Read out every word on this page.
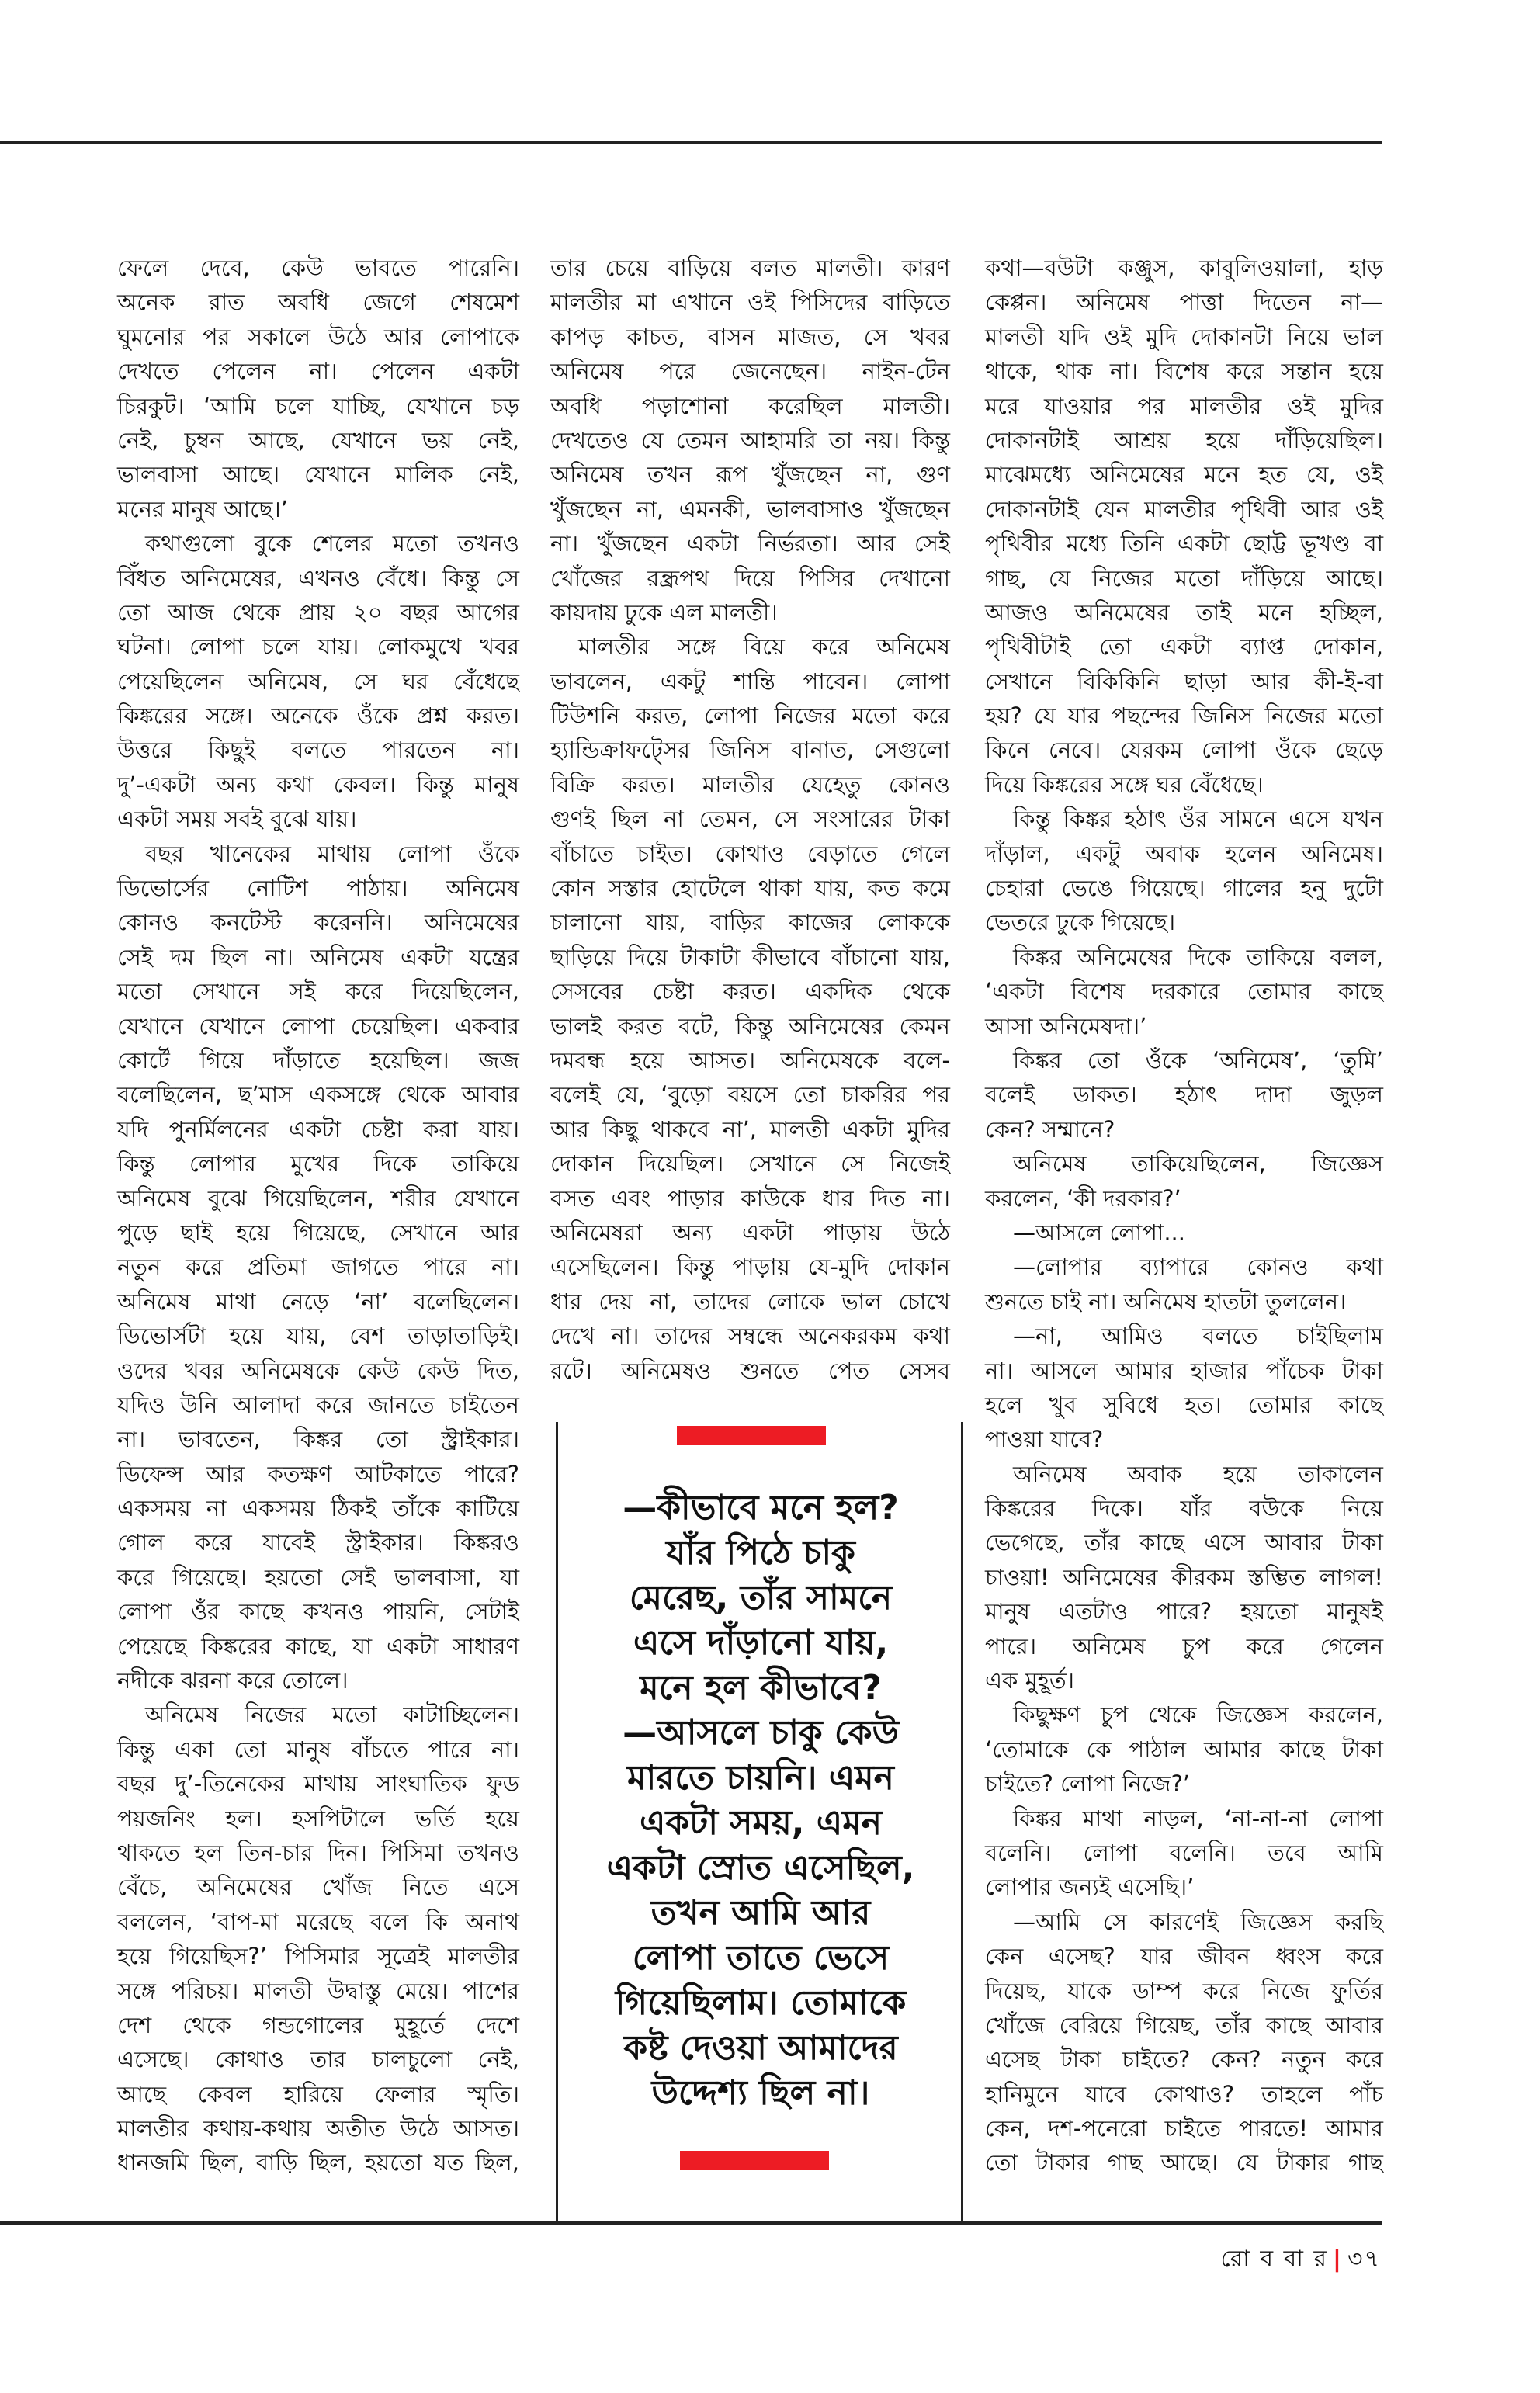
ফেলে দেবে, কেউ ভাবতে পারেনি।
অনেক রাত অবধি জেগে শেষমেশ
ঘুমনোর পর সকালে উঠে আর লোপাকে
দেখতে পেলেন না। পেলেন একটা
চিরকুট। ‘আমি চলে যাচ্ছি, যেখানে চড়
নেই, চুম্বন আছে, যেখানে ভয় নেই,
ভালবাসা আছে। যেখানে মালিক নেই,
মনের মানুষ আছে।’
কথাগুলো বুকে শেলের মতো তখনও
বিঁধত অনিমেষের, এখনও বেঁধে। কিন্তু সে
তো আজ থেকে প্রায় ২০ বছর আগের
ঘটনা। লোপা চলে যায়। লোকমুখে খবর
পেয়েছিলেন অনিমেষ, সে ঘর বেঁধেছে
কিঙ্করের সঙ্গে। অনেকে ওঁকে প্রশ্ন করত।
উত্তরে কিছুই বলতে পারতেন না।
দু’-একটা অন্য কথা কেবল। কিন্তু মানুষ
একটা সময় সবই বুঝে যায়।
বছর খানেকের মাথায় লোপা ওঁকে
ডিভোর্সের নোটিশ পাঠায়। অনিমেষ
কোনও কনটেস্ট করেননি। অনিমেষের
সেই দম ছিল না। অনিমেষ একটা যন্ত্রের
মতো সেখানে সই করে দিয়েছিলেন,
যেখানে যেখানে লোপা চেয়েছিল। একবার
কোর্টে গিয়ে দাঁড়াতে হয়েছিল। জজ
বলেছিলেন, ছ’মাস একসঙ্গে থেকে আবার
যদি পুনর্মিলনের একটা চেষ্টা করা যায়।
কিন্তু লোপার মুখের দিকে তাকিয়ে
অনিমেষ বুঝে গিয়েছিলেন, শরীর যেখানে
পুড়ে ছাই হয়ে গিয়েছে, সেখানে আর
নতুন করে প্রতিমা জাগতে পারে না।
অনিমেষ মাথা নেড়ে ‘না’ বলেছিলেন।
ডিভোর্সটা হয়ে যায়, বেশ তাড়াতাড়িই।
ওদের খবর অনিমেষকে কেউ কেউ দিত,
যদিও উনি আলাদা করে জানতে চাইতেন
না। ভাবতেন, কিঙ্কর তো স্ট্রাইকার।
ডিফেন্স আর কতক্ষণ আটকাতে পারে?
একসময় না একসময় ঠিকই তাঁকে কাটিয়ে
গোল করে যাবেই স্ট্রাইকার। কিঙ্করও
করে গিয়েছে। হয়তো সেই ভালবাসা, যা
লোপা ওঁর কাছে কখনও পায়নি, সেটাই
পেয়েছে কিঙ্করের কাছে, যা একটা সাধারণ
নদীকে ঝরনা করে তোলে।
অনিমেষ নিজের মতো কাটাচ্ছিলেন।
কিন্তু একা তো মানুষ বাঁচতে পারে না।
বছর দু’-তিনেকের মাথায় সাংঘাতিক ফুড
পয়জনিং হল। হসপিটালে ভর্তি হয়ে
থাকতে হল তিন-চার দিন। পিসিমা তখনও
বেঁচে, অনিমেষের খোঁজ নিতে এসে
বললেন, ‘বাপ-মা মরেছে বলে কি অনাথ
হয়ে গিয়েছিস?’ পিসিমার সূত্রেই মালতীর
সঙ্গে পরিচয়। মালতী উদ্বাস্তু মেয়ে। পাশের
দেশ থেকে গন্ডগোলের মুহূর্তে দেশে
এসেছে। কোথাও তার চালচুলো নেই,
আছে কেবল হারিয়ে ফেলার স্মৃতি।
মালতীর কথায়-কথায় অতীত উঠে আসত।
ধানজমি ছিল, বাড়ি ছিল, হয়তো যত ছিল,
তার চেয়ে বাড়িয়ে বলত মালতী। কারণ
মালতীর মা এখানে ওই পিসিদের বাড়িতে
কাপড় কাচত, বাসন মাজত, সে খবর
অনিমেষ পরে জেনেছেন। নাইন-টেন
অবধি পড়াশোনা করেছিল মালতী।
দেখতেও যে তেমন আহামরি তা নয়। কিন্তু
অনিমেষ তখন রূপ খুঁজছেন না, গুণ
খুঁজছেন না, এমনকী, ভালবাসাও খুঁজছেন
না। খুঁজছেন একটা নির্ভরতা। আর সেই
খোঁজের রন্ধ্রপথ দিয়ে পিসির দেখানো
কায়দায় ঢুকে এল মালতী।
মালতীর সঙ্গে বিয়ে করে অনিমেষ
ভাবলেন, একটু শান্তি পাবেন। লোপা
টিউশনি করত, লোপা নিজের মতো করে
হ্যান্ডিক্রাফট্সের জিনিস বানাত, সেগুলো
বিক্রি করত। মালতীর যেহেতু কোনও
গুণই ছিল না তেমন, সে সংসারের টাকা
বাঁচাতে চাইত। কোথাও বেড়াতে গেলে
কোন সস্তার হোটেলে থাকা যায়, কত কমে
চালানো যায়, বাড়ির কাজের লোককে
ছাড়িয়ে দিয়ে টাকাটা কীভাবে বাঁচানো যায়,
সেসবের চেষ্টা করত। একদিক থেকে
ভালই করত বটে, কিন্তু অনিমেষের কেমন
দমবন্ধ হয়ে আসত। অনিমেষকে বলে-
বলেই যে, ‘বুড়ো বয়সে তো চাকরির পর
আর কিছু থাকবে না’, মালতী একটা মুদির
দোকান দিয়েছিল। সেখানে সে নিজেই
বসত এবং পাড়ার কাউকে ধার দিত না।
অনিমেষরা অন্য একটা পাড়ায় উঠে
এসেছিলেন। কিন্তু পাড়ায় যে-মুদি দোকান
ধার দেয় না, তাদের লোকে ভাল চোখে
দেখে না। তাদের সম্বন্ধে অনেকরকম কথা
রটে। অনিমেষও শুনতে পেত সেসব
কথা—বউটা কঞ্জুস, কাবুলিওয়ালা, হাড়
কেপ্পন। অনিমেষ পাত্তা দিতেন না—
মালতী যদি ওই মুদি দোকানটা নিয়ে ভাল
থাকে, থাক না। বিশেষ করে সন্তান হয়ে
মরে যাওয়ার পর মালতীর ওই মুদির
দোকানটাই আশ্রয় হয়ে দাঁড়িয়েছিল।
মাঝেমধ্যে অনিমেষের মনে হত যে, ওই
দোকানটাই যেন মালতীর পৃথিবী আর ওই
পৃথিবীর মধ্যে তিনি একটা ছোট্ট ভূখণ্ড বা
গাছ, যে নিজের মতো দাঁড়িয়ে আছে।
আজও অনিমেষের তাই মনে হচ্ছিল,
পৃথিবীটাই তো একটা ব্যাপ্ত দোকান,
সেখানে বিকিকিনি ছাড়া আর কী-ই-বা
হয়? যে যার পছন্দের জিনিস নিজের মতো
কিনে নেবে। যেরকম লোপা ওঁকে ছেড়ে
দিয়ে কিঙ্করের সঙ্গে ঘর বেঁধেছে।
কিন্তু কিঙ্কর হঠাৎ ওঁর সামনে এসে যখন
দাঁড়াল, একটু অবাক হলেন অনিমেষ।
চেহারা ভেঙে গিয়েছে। গালের হনু দুটো
ভেতরে ঢুকে গিয়েছে।
কিঙ্কর অনিমেষের দিকে তাকিয়ে বলল,
‘একটা বিশেষ দরকারে তোমার কাছে
আসা অনিমেষদা।’
কিঙ্কর তো ওঁকে ‘অনিমেষ’, ‘তুমি’
বলেই ডাকত। হঠাৎ দাদা জুড়ল
কেন? সম্মানে?
অনিমেষ তাকিয়েছিলেন, জিজ্ঞেস
করলেন, ‘কী দরকার?’
—আসলে লোপা...
—লোপার ব্যাপারে কোনও কথা
শুনতে চাই না। অনিমেষ হাতটা তুললেন।
—না, আমিও বলতে চাইছিলাম
না। আসলে আমার হাজার পাঁচেক টাকা
হলে খুব সুবিধে হত। তোমার কাছে
পাওয়া যাবে?
অনিমেষ অবাক হয়ে তাকালেন
কিঙ্করের দিকে। যাঁর বউকে নিয়ে
ভেগেছে, তাঁর কাছে এসে আবার টাকা
চাওয়া! অনিমেষের কীরকম স্তম্ভিত লাগল!
মানুষ এতটাও পারে? হয়তো মানুষই
পারে। অনিমেষ চুপ করে গেলেন
এক মুহূর্ত।
কিছুক্ষণ চুপ থেকে জিজ্ঞেস করলেন,
‘তোমাকে কে পাঠাল আমার কাছে টাকা
চাইতে? লোপা নিজে?’
কিঙ্কর মাথা নাড়ল, ‘না-না-না লোপা
বলেনি। লোপা বলেনি। তবে আমি
লোপার জন্যই এসেছি।’
—আমি সে কারণেই জিজ্ঞেস করছি
কেন এসেছ? যার জীবন ধ্বংস করে
দিয়েছ, যাকে ডাম্প করে নিজে ফুর্তির
খোঁজে বেরিয়ে গিয়েছ, তাঁর কাছে আবার
এসেছ টাকা চাইতে? কেন? নতুন করে
হানিমুনে যাবে কোথাও? তাহলে পাঁচ
কেন, দশ-পনেরো চাইতে পারতে! আমার
তো টাকার গাছ আছে। যে টাকার গাছ
—কীভাবে মনে হল?
যাঁর পিঠে চাকু
মেরেছ, তাঁর সামনে
এসে দাঁড়ানো যায়,
মনে হল কীভাবে?
—আসলে চাকু কেউ
মারতে চায়নি। এমন
একটা সময়, এমন
একটা স্রোত এসেছিল,
তখন আমি আর
লোপা তাতে ভেসে
গিয়েছিলাম। তোমাকে
কষ্ট দেওয়া আমাদের
উদ্দেশ্য ছিল না।
রো ব বা র | ৩৭
